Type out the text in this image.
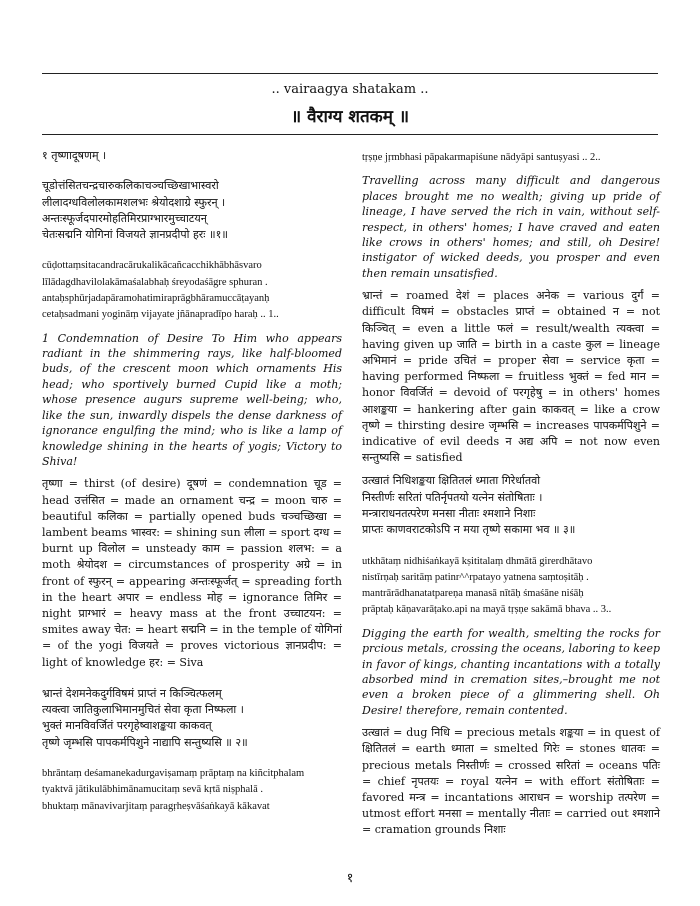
.. vairaagya shatakam ..
॥ वैराग्य शतकम् ॥

१ तृष्णादूषणम् ।

चूडोत्तंसितचन्द्रचारुकलिकाचञ्चच्छिखाभास्वरो
लीलादग्धविलोलकामशलभः श्रेयोदशाग्रे स्फुरन् ।
अन्तःस्फूर्जदपारमोहतिमिरप्राग्भारमुच्चाटयन्
चेतःसद्मनि योगिनां विजयते ज्ञानप्रदीपो हरः ॥१॥

cūḍottaṃsitacandracārukalikācañcacchikhābhāsvaro
līlādagdhavilolakāmaśalabhaḥ śreyodaśāgre sphuran .
antaḥsphūrjadapāramohatimiraprāgbhāramuccāṭayanḥ
cetaḥsadmani yogināṃ vijayate jñānapradīpo haraḥ .. 1..

1 Condemnation of Desire To Him who appears radiant in the shimmering rays, like half-bloomed buds, of the crescent moon which ornaments His head; who sportively burned Cupid like a moth; whose presence augurs supreme well-being; who, like the sun, inwardly dispels the dense darkness of ignorance engulfing the mind; who is like a lamp of knowledge shining in the hearts of yogis; Victory to Shiva!

तृष्णा = thirst (of desire) दूषणं = condemnation चूड = head उत्तंसित = made an ornament चन्द्र = moon चारु = beautiful कलिका = partially opened buds चञ्चच्छिखा = lambent beams भास्वर: = shining sun लीला = sport दग्ध = burnt up विलोल = unsteady काम = passion शलभ: = a moth श्रेयोदश = circumstances of prosperity अग्रे = in front of स्फुरन् = appearing अन्तःस्फूर्जत् = spreading forth in the heart अपार = endless मोह = ignorance तिमिर = night प्राग्भारं = heavy mass at the front उच्चाटयन: = smites away चेत: = heart सद्मनि = in the temple of योगिनां = of the yogi विजयते = proves victorious ज्ञानप्रदीप: = light of knowledge हर: = Siva

भ्रान्तं देशमनेकदुर्गविषमं प्राप्तं न किञ्चित्फलम्
त्यक्त्वा जातिकुलाभिमानमुचितं सेवा कृता निष्फला ।
भुक्तं मानविवर्जितं परगृहेष्वाशङ्कया काकवत्
तृष्णे जृम्भसि पापकर्मपिशुने नाद्यापि सन्तुष्यसि ॥ २॥

bhrāntaṃ deśamanekadurgaviṣamaṃ prāptaṃ na kiñcitphalam
tyaktvā jātikulābhimānamucitaṃ sevā kṛtā niṣphalā .
bhuktaṃ mānavivarjitaṃ paragṛheṣvāśaṅkayā kākavat

tṛṣṇe jṛmbhasi pāpakarmapiśune nādyāpi santuṣyasi .. 2..

Travelling across many difficult and dangerous places brought me no wealth; giving up pride of lineage, I have served the rich in vain, without self-respect, in others' homes; I have craved and eaten like crows in others' homes; and still, oh Desire! instigator of wicked deeds, you prosper and even then remain unsatisfied.

भ्रान्तं = roamed देशं = places अनेक = various दुर्गं = difficult विषमं = obstacles प्राप्तं = obtained न = not किञ्चित् = even a little फलं = result/wealth त्यक्त्वा = having given up जाति = birth in a caste कुल = lineage अभिमानं = pride उचितं = proper सेवा = service कृता = having performed निष्फला = fruitless भुक्तं = fed मान = honor विवर्जितं = devoid of परगृहेषु = in others' homes आशङ्कया = hankering after gain काकवत् = like a crow तृष्णे = thirsting desire जृम्भसि = increases पापकर्मपिशुने = indicative of evil deeds न अद्य अपि = not now even सन्तुष्यसि = satisfied

उत्खातं निधिशङ्कया क्षितितलं ध्माता गिरेर्धातवो
निस्तीर्णः सरितां पतिर्नृपतयो यत्नेन संतोषिताः ।
मन्त्राराधनतत्परेण मनसा नीताः श्मशाने निशाः
प्राप्तः काणवराटकोऽपि न मया तृष्णे सकामा भव ॥ ३॥

utkhātaṃ nidhiśaṅkayā kṣititalaṃ dhmātā girerdhātavo
nistīrṇaḥ saritāṃ patinr^^rpatayo yatnena saṃtoṣitāḥ .
mantrārādhanatatpareṇa manasā nītāḥ śmaśāne niśāḥ
prāptaḥ kāṇavarāṭako.api na mayā tṛṣṇe sakāmā bhava .. 3..

Digging the earth for wealth, smelting the rocks for prcious metals, crossing the oceans, laboring to keep in favor of kings, chanting incantations with a totally absorbed mind in cremation sites,–brought me not even a broken piece of a glimmering shell. Oh Desire! therefore, remain contented.

उत्खातं = dug निधि = precious metals शङ्कया = in quest of क्षितितलं = earth ध्माता = smelted गिरेः = stones धातवः = precious metals निस्तीर्णः = crossed सरितां = oceans पतिः = chief नृपतयः = royal यत्नेन = with effort संतोषिताः = favored मन्त्र = incantations आराधन = worship तत्परेण = utmost effort मनसा = mentally नीताः = carried out श्मशाने = cramation grounds निशाः

१
